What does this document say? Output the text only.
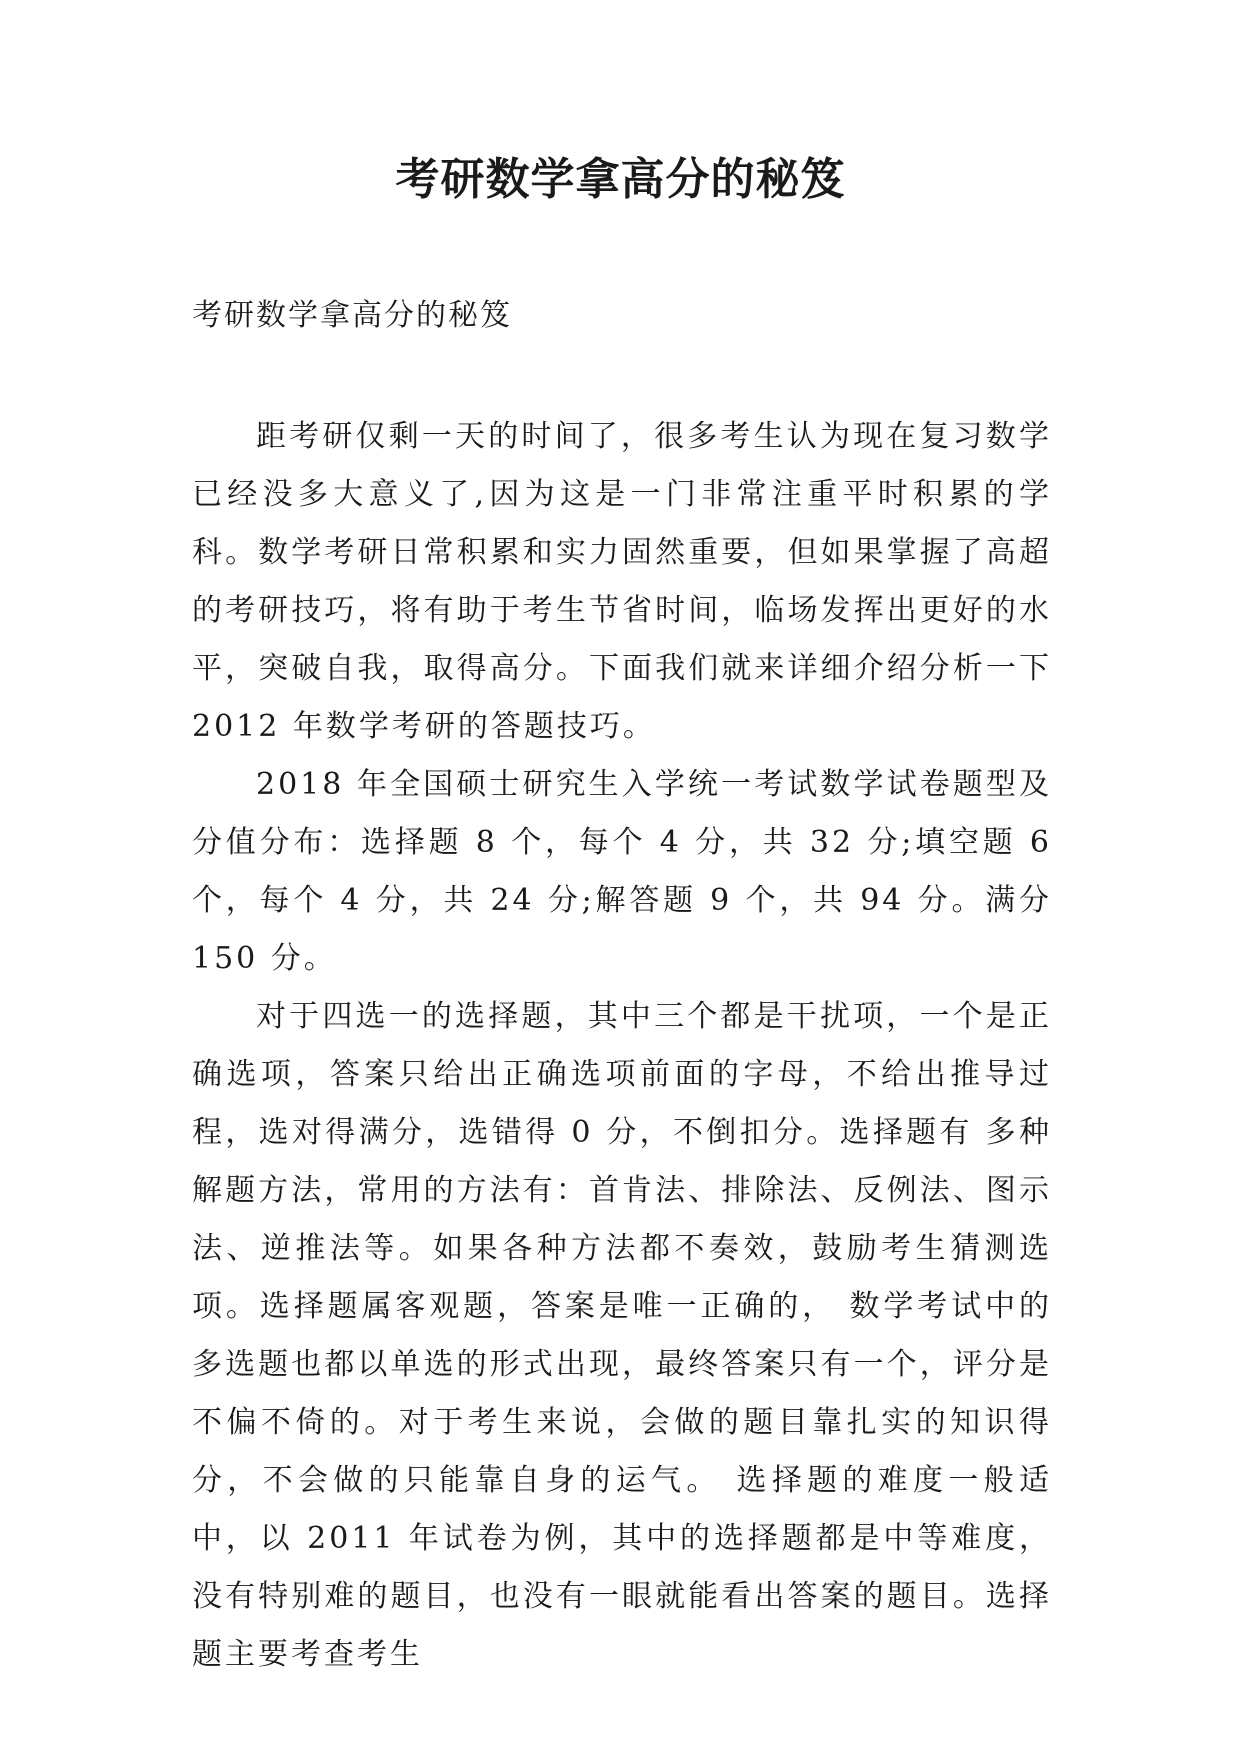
考研数学拿高分的秘笈

考研数学拿高分的秘笈

距考研仅剩一天的时间了，很多考生认为现在复习数学已经没多大意义了,因为这是一门非常注重平时积累的学科。数学考研日常积累和实力固然重要，但如果掌握了高超的考研技巧，将有助于考生节省时间，临场发挥出更好的水平，突破自我，取得高分。下面我们就来详细介绍分析一下 2012 年数学考研的答题技巧。

2018 年全国硕士研究生入学统一考试数学试卷题型及分值分布：选择题 8 个，每个 4 分，共 32 分;填空题 6 个，每个 4 分，共 24 分;解答题 9 个，共 94 分。满分 150 分。

对于四选一的选择题，其中三个都是干扰项，一个是正确选项，答案只给出正确选项前面的字母，不给出推导过程，选对得满分，选错得 0 分，不倒扣分。选择题有 多种解题方法，常用的方法有：首肯法、排除法、反例法、图示法、逆推法等。如果各种方法都不奏效，鼓励考生猜测选项。选择题属客观题，答案是唯一正确的， 数学考试中的多选题也都以单选的形式出现，最终答案只有一个，评分是不偏不倚的。对于考生来说，会做的题目靠扎实的知识得分，不会做的只能靠自身的运气。 选择题的难度一般适中，以 2011 年试卷为例，其中的选择题都是中等难度，没有特别难的题目，也没有一眼就能看出答案的题目。选择题主要考查考生
